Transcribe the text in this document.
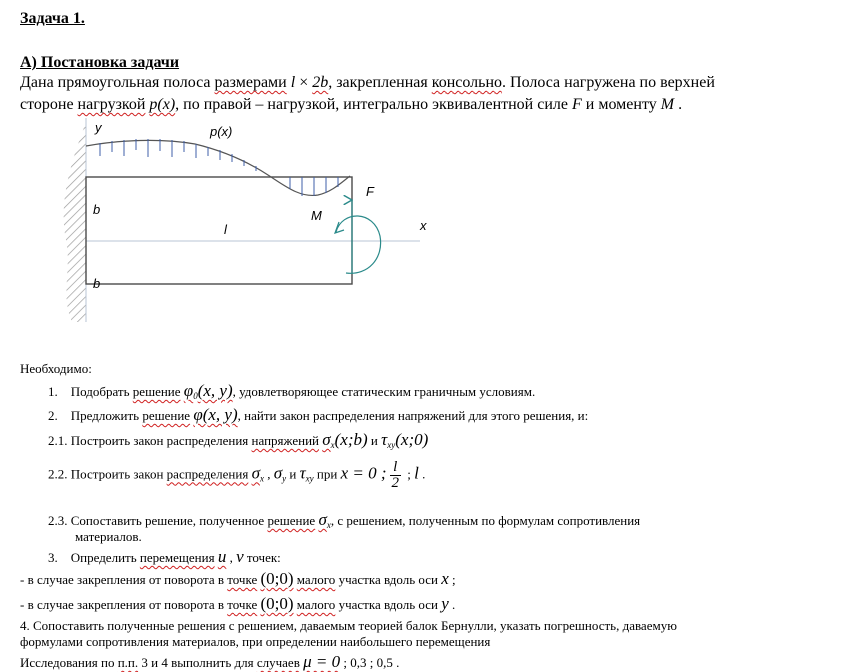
Задача 1.
А) Постановка задачи
Дана прямоугольная полоса размерами l × 2b, закрепленная консольно. Полоса нагружена по верхней
стороне нагрузкой p(x), по правой – нагрузкой, интегрально эквивалентной силе F и моменту M .
y	p(x)
b
b
l
M
F
x
Необходимо:
1. Подобрать решение $\varphi_0(x$, y), удовлетворяющее статическим граничным условиям.
2. Предложить решение φ(x, y), найти закон распределения напряжений для этого решения, и:
2.1. Построить закон распределения напряжений $\sigma_x(x;b)$ и $\tau_{xy}(x;0)$
2.2. Построить закон распределения $\sigma_x$ , $\sigma_y$ и $\tau_{xy}$ при x = 0 ; $\frac{l}{2}$ ; l .
2.3. Сопоставить решение, полученное решение $\sigma_x$, с решением, полученным по формулам сопротивления
материалов.
3. Определить перемещения u , v точек:
- в случае закрепления от поворота в точке (0;0) малого участка вдоль оси x ;
- в случае закрепления от поворота в точке (0;0) малого участка вдоль оси y .
4. Сопоставить полученные решения с решением, даваемым теорией балок Бернулли, указать погрешность, даваемую
формулами сопротивления материалов, при определении наибольшего перемещения
Исследования по п.п. 3 и 4 выполнить для случаев μ = 0 ; 0,3 ; 0,5 .
